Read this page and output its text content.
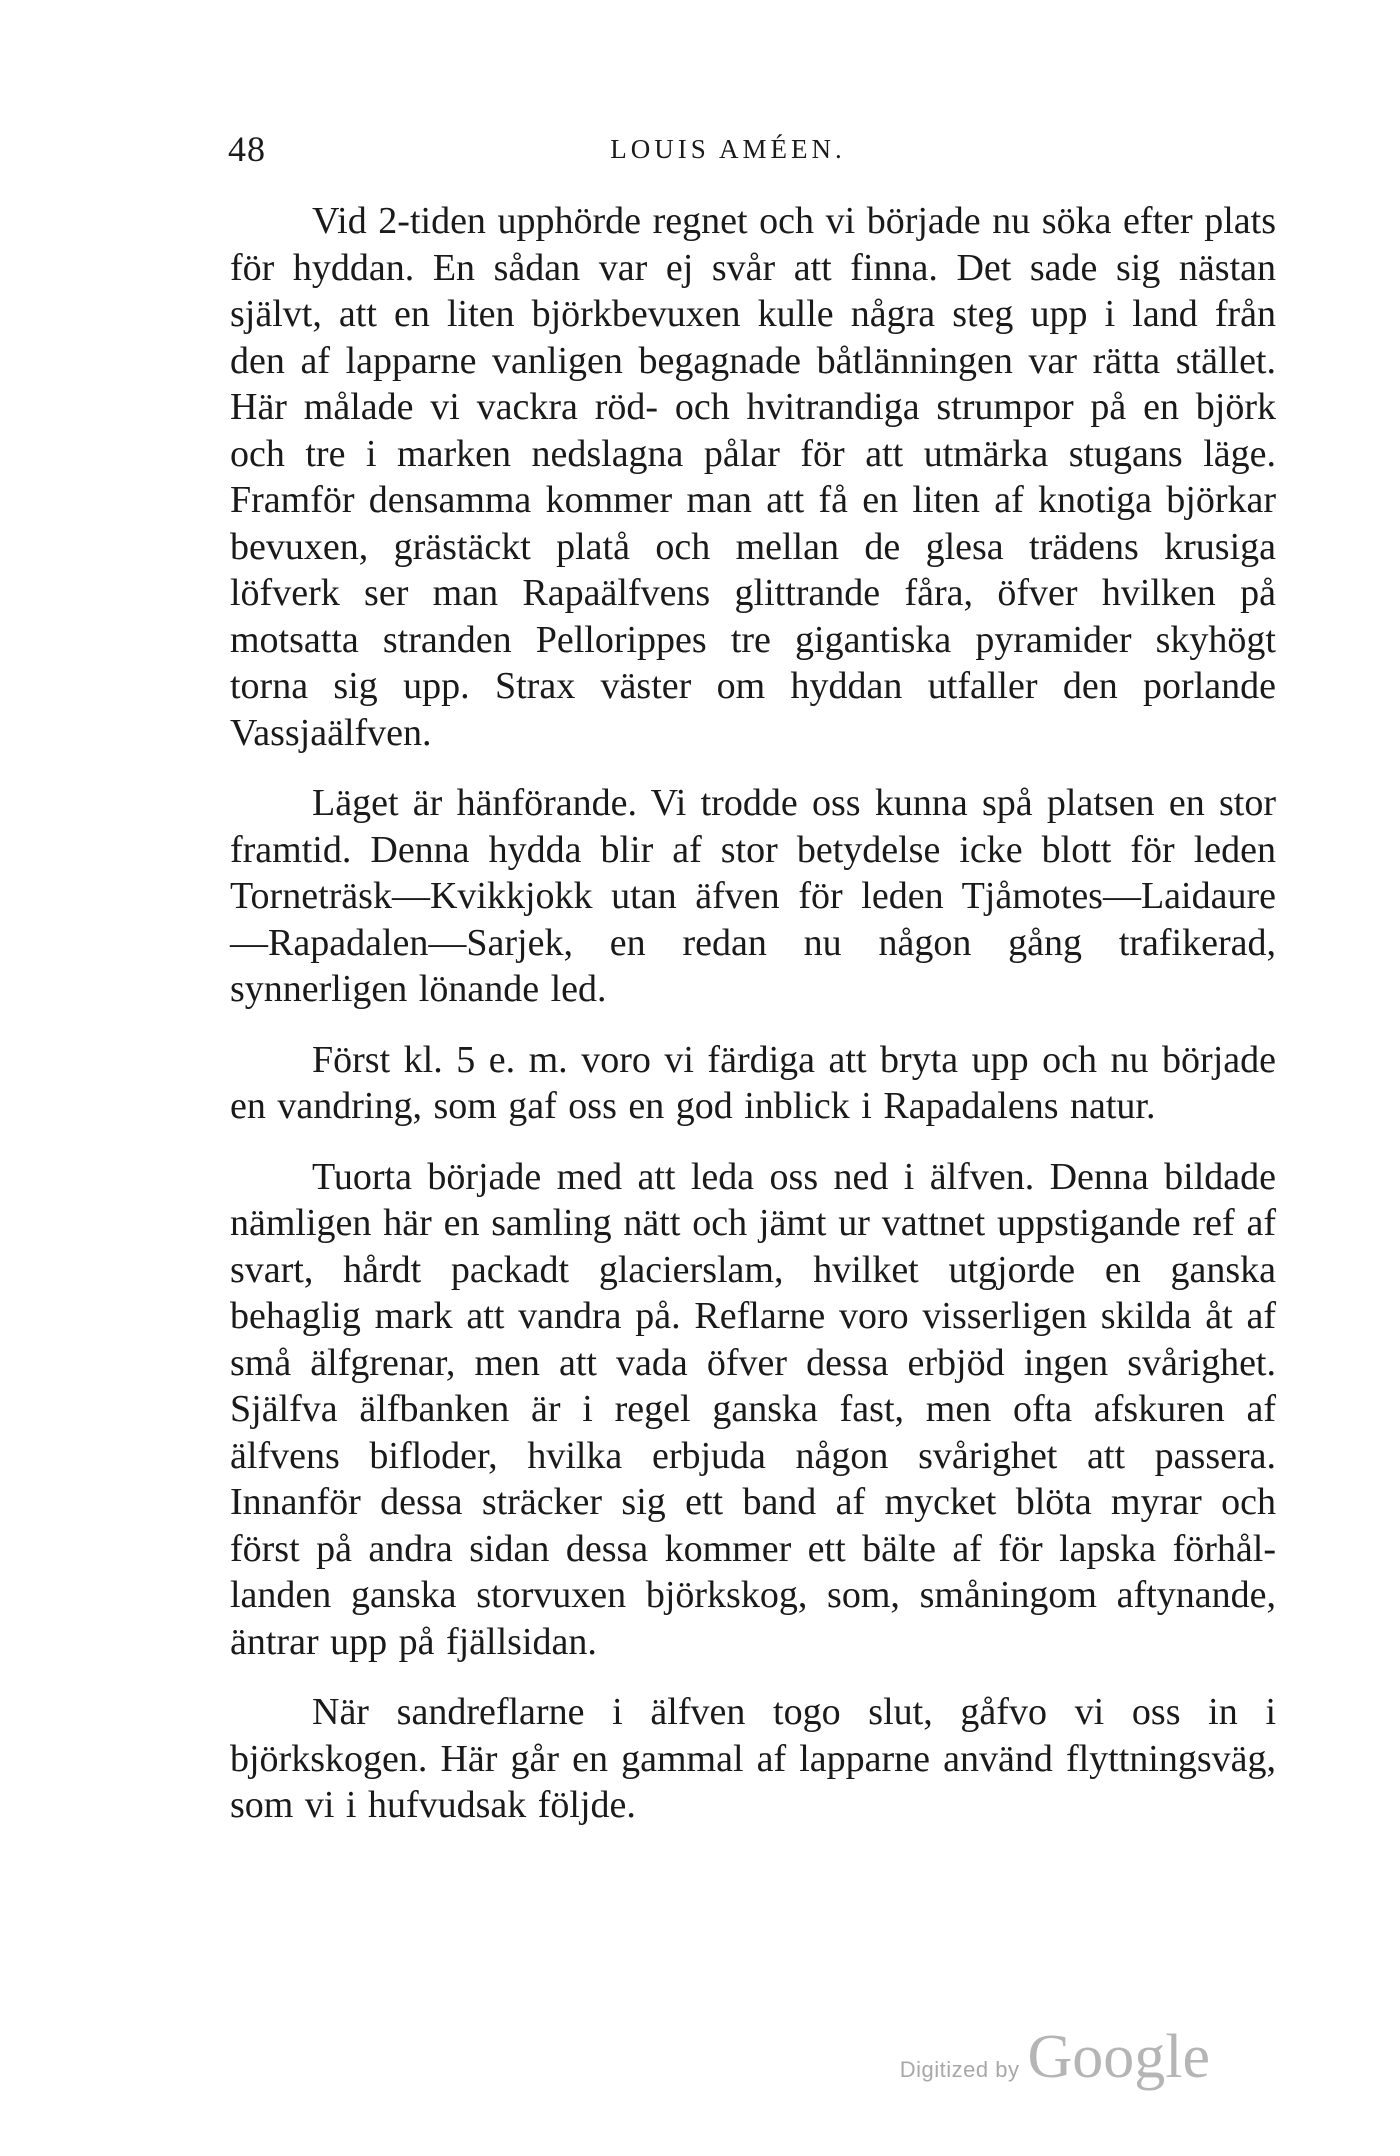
48	LOUIS AMÉEN.

Vid 2-tiden upphörde regnet och vi började nu söka efter plats för hyddan. En sådan var ej svår att finna. Det sade sig nästan självt, att en liten björkbevuxen kulle några steg upp i land från den af lapparne vanligen begagnade båtlänningen var rätta stället. Här målade vi vackra röd- och hvitrandiga strumpor på en björk och tre i marken nedslagna pålar för att utmärka stugans läge. Framför densamma kommer man att få en liten af knotiga björkar bevuxen, grästäckt platå och mellan de glesa trädens krusiga löfverk ser man Rapaälfvens glittrande fåra, öfver hvilken på motsatta stranden Pellorippes tre gigantiska pyramider skyhögt torna sig upp. Strax väster om hyddan utfaller den porlande Vassjaälfven.

Läget är hänförande. Vi trodde oss kunna spå platsen en stor framtid. Denna hydda blir af stor betydelse icke blott för leden Torneträsk—Kvikkjokk utan äfven för leden Tjåmotes—Laidaure—Rapadalen—Sarjek, en redan nu någon gång trafikerad, synnerligen lönande led.

Först kl. 5 e. m. voro vi färdiga att bryta upp och nu började en vandring, som gaf oss en god inblick i Rapadalens natur.

Tuorta började med att leda oss ned i älfven. Denna bildade nämligen här en samling nätt och jämt ur vattnet uppstigande ref af svart, hårdt packadt glacierslam, hvilket utgjorde en ganska behaglig mark att vandra på. Reflarne voro visserligen skilda åt af små älfgrenar, men att vada öfver dessa erbjöd ingen svårighet. Själfva älfbanken är i regel ganska fast, men ofta afskuren af älfvens bifloder, hvilka erbjuda någon svårighet att passera. Innanför dessa sträcker sig ett band af mycket blöta myrar och först på andra sidan dessa kommer ett bälte af för lapska förhållanden ganska storvuxen björkskog, som, småningom aftynande, äntrar upp på fjällsidan.

När sandreflarne i älfven togo slut, gåfvo vi oss in i björkskogen. Här går en gammal af lapparne använd flyttningsväg, som vi i hufvudsak följde.

Digitized by Google
